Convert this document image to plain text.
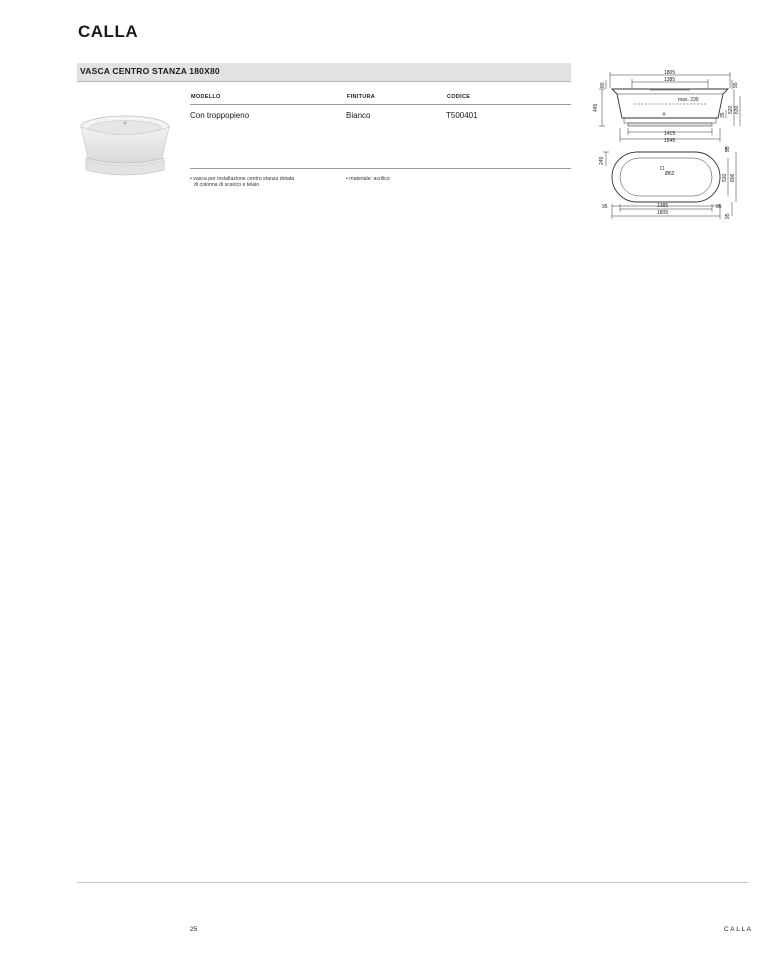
CALLA
VASCA CENTRO STANZA 180X80
MODELLO	FINITURA	CODICE
Con troppopieno	Bianco	T500401
• vasca per installazione centro stanza dotata
di colonna di scarico e telaio
• materiale: acrilico
1805
1385
max. 230
1415
1545
445
80	95
35
520 630
Ø62
95	1385	95
1805
245
95
530 806
95
25	CALLA
